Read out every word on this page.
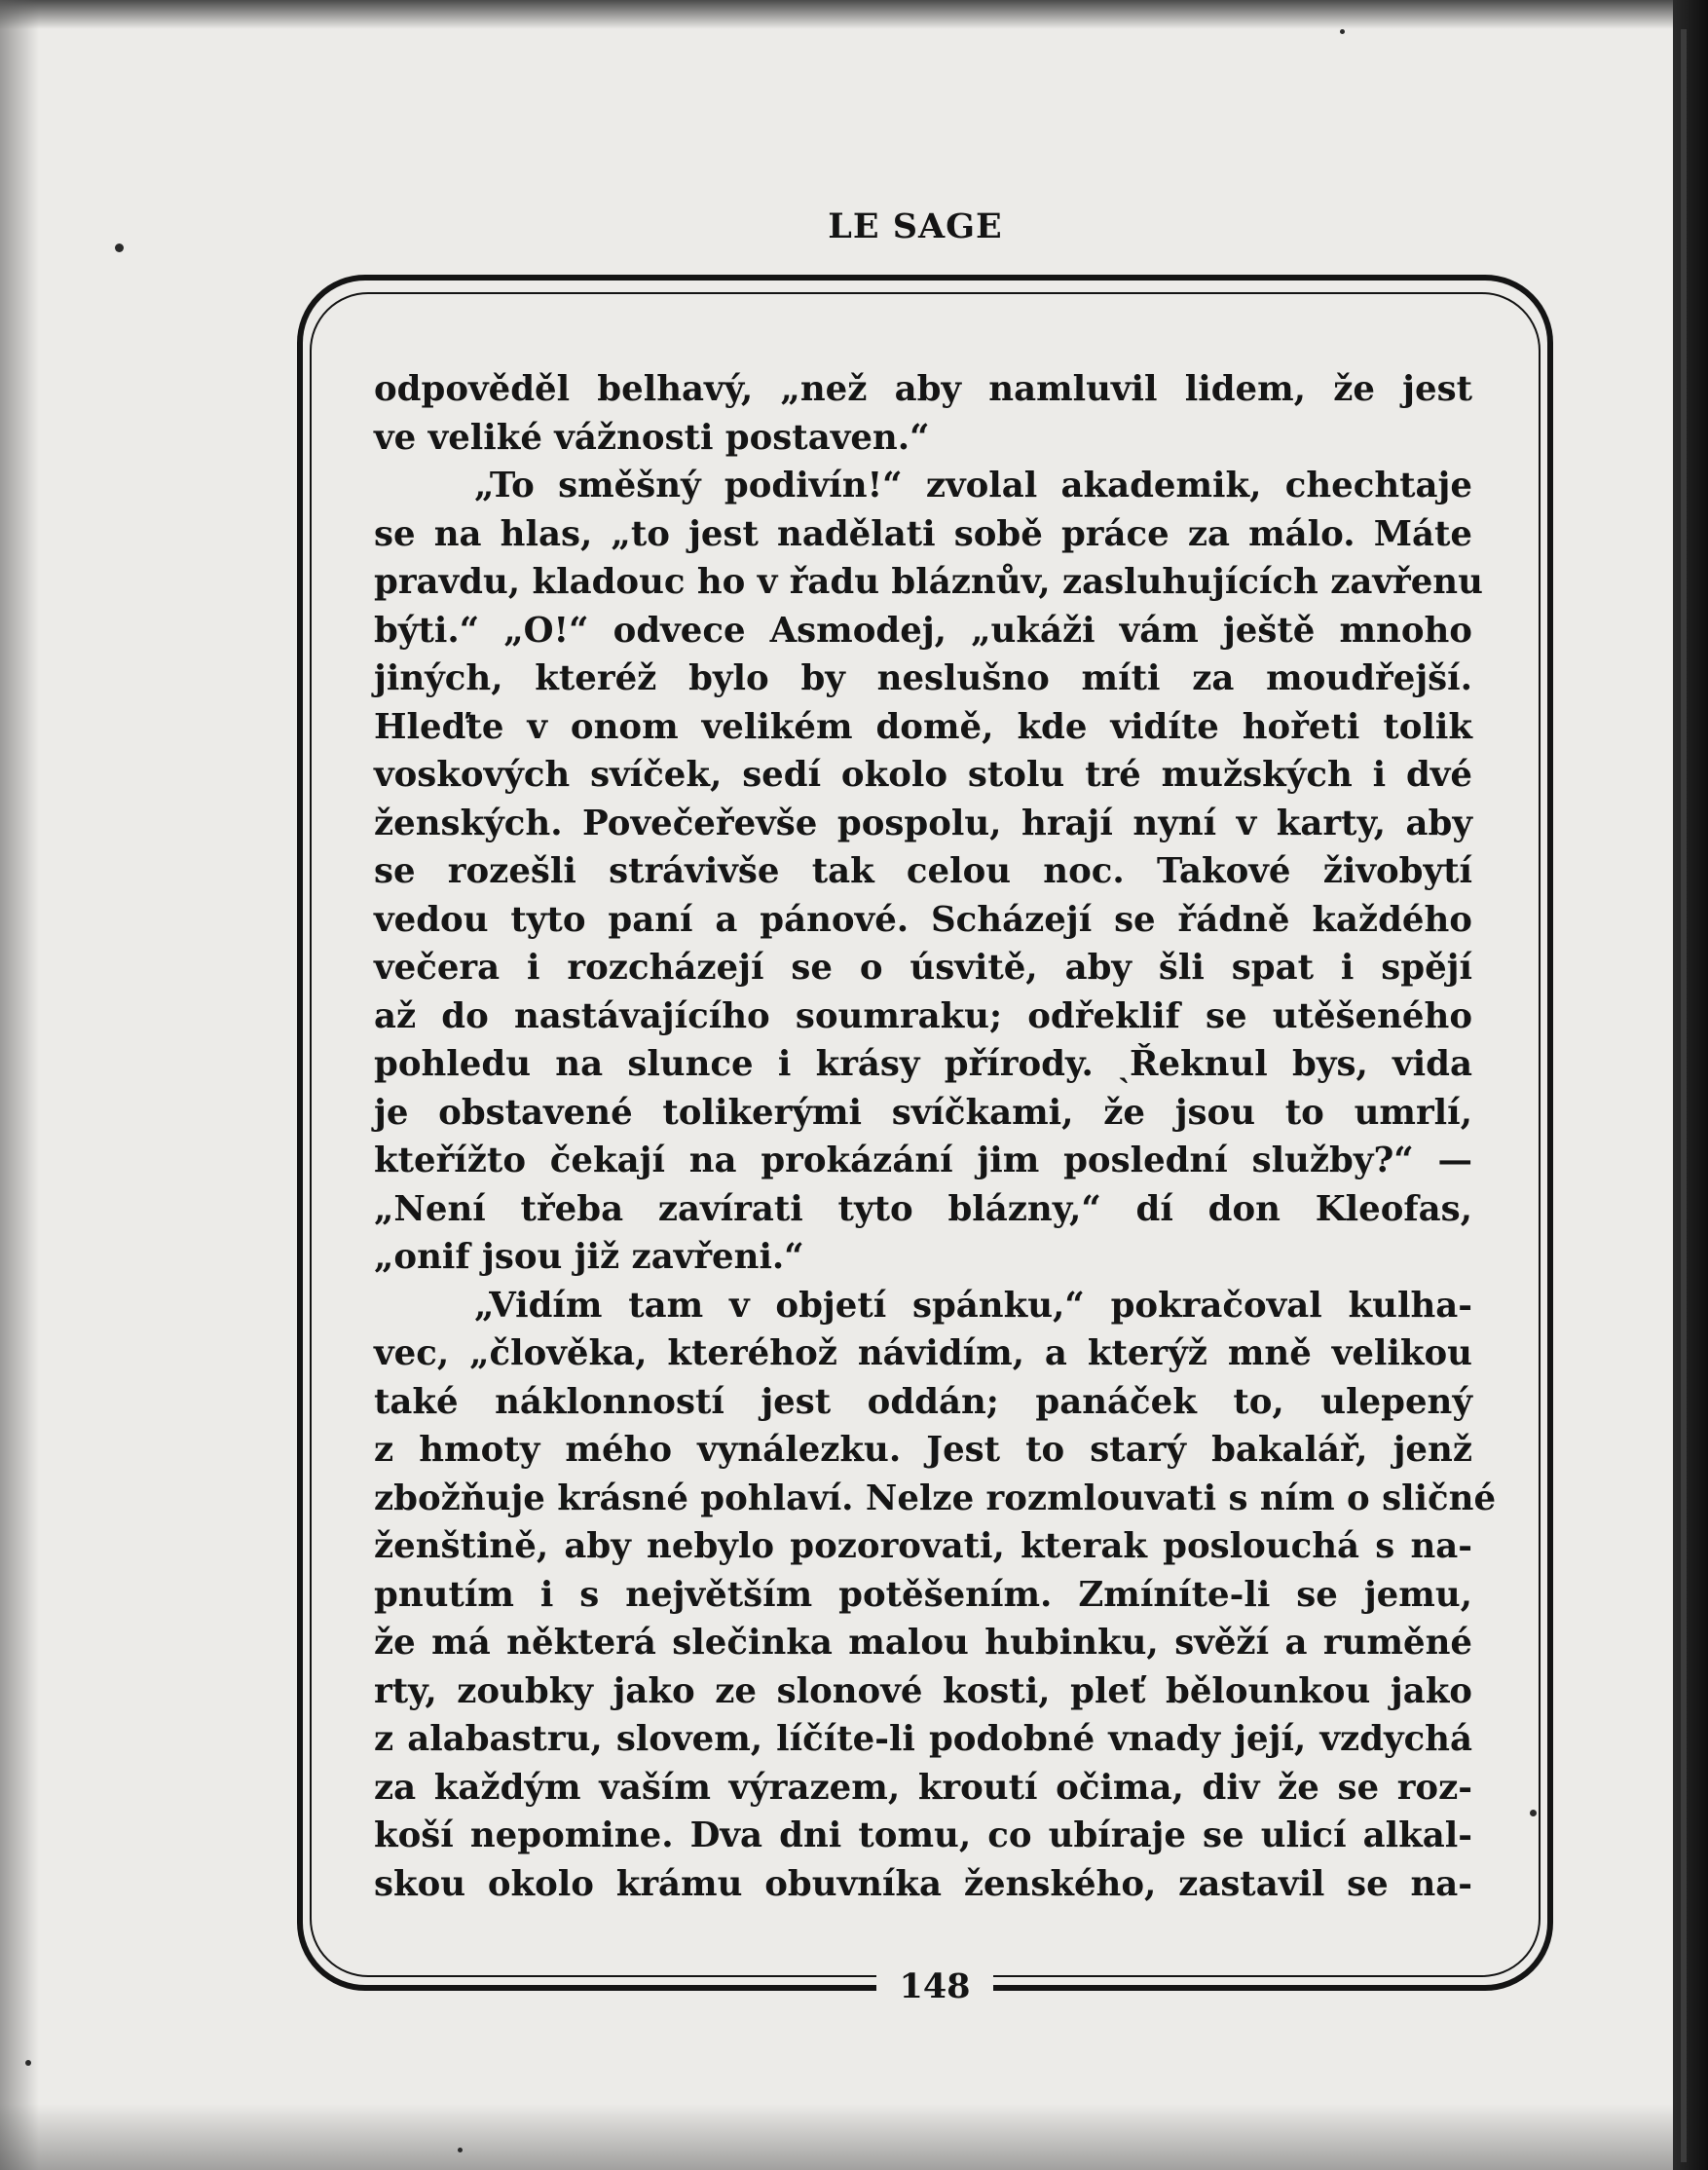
LE SAGE
odpověděl belhavý, „než aby namluvil lidem, že jest
ve veliké vážnosti postaven.“
„To směšný podivín!“ zvolal akademik, chechtaje
se na hlas, „to jest nadělati sobě práce za málo. Máte
pravdu, kladouc ho v řadu bláznův, zasluhujících zavřenu
býti.“ „O!“ odvece Asmodej, „ukáži vám ještě mnoho
jiných, kteréž bylo by neslušno míti za moudřejší.
Hleďte v onom velikém domě, kde vidíte hořeti tolik
voskových svíček, sedí okolo stolu tré mužských i dvé
ženských. Povečeřevše pospolu, hrají nyní v karty, aby
se rozešli strávivše tak celou noc. Takové živobytí
vedou tyto paní a pánové. Scházejí se řádně každého
večera i rozcházejí se o úsvitě, aby šli spat i spějí
až do nastávajícího soumraku; odřeklif se utěšeného
pohledu na slunce i krásy přírody. ˎŘeknul bys, vida
je obstavené tolikerými svíčkami, že jsou to umrlí,
kteřížto čekají na prokázání jim poslední služby?“ —
„Není třeba zavírati tyto blázny,“ dí don Kleofas,
„onif jsou již zavřeni.“
„Vidím tam v objetí spánku,“ pokračoval kulha-
vec, „člověka, kteréhož návidím, a kterýž mně velikou
také náklonností jest oddán; panáček to, ulepený
z hmoty mého vynálezku. Jest to starý bakalář, jenž
zbožňuje krásné pohlaví. Nelze rozmlouvati s ním o sličné
ženštině, aby nebylo pozorovati, kterak poslouchá s na-
pnutím i s největším potěšením. Zmíníte-li se jemu,
že má některá slečinka malou hubinku, svěží a ruměné
rty, zoubky jako ze slonové kosti, pleť bělounkou jako
z alabastru, slovem, líčíte-li podobné vnady její, vzdychá
za každým vaším výrazem, kroutí očima, div že se roz-
koší nepomine. Dva dni tomu, co ubíraje se ulicí alkal-
skou okolo krámu obuvníka ženského, zastavil se na-
148
